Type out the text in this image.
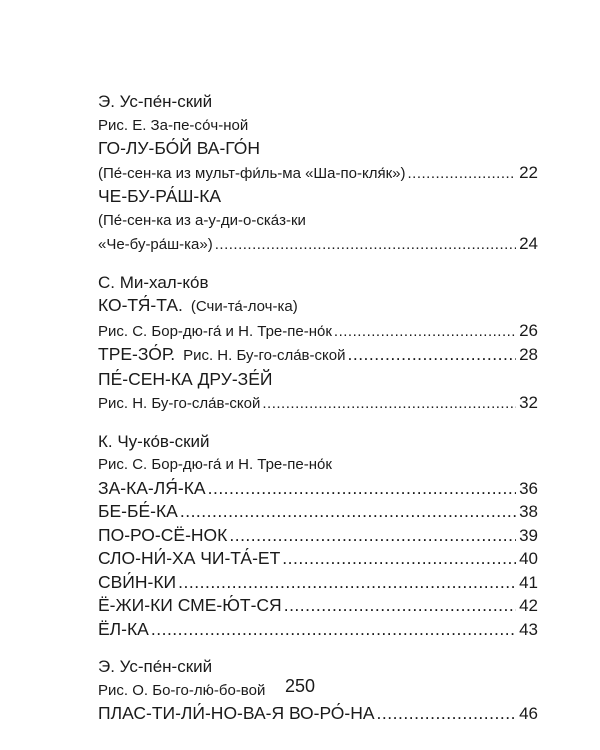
Э. Ус-пе́н-ский
Рис. Е. За-пе-со́ч-ной
ГО-ЛУ-БО́Й ВА-ГО́Н
(Пе́-сен-ка из мульт-фи́ль-ма «Ша-по-кля́к») .....	22
ЧЕ-БУ-РА́Ш-КА
(Пе́-сен-ка из а-у-ди-о-ска́з-ки
«Че-бу-ра́ш-ка») .....	24
С. Ми-хал-ко́в
КО-ТЯ́-ТА. (Счи-та́-лоч-ка)
Рис. С. Бор-дю-га́ и Н. Тре-пе-но́к .....	26
ТРЕ-ЗО́Р. Рис. Н. Бу-го-сла́в-ской .....	28
ПЕ́-СЕН-КА ДРУ-ЗЕ́Й
Рис. Н. Бу-го-сла́в-ской .....	32
К. Чу-ко́в-ский
Рис. С. Бор-дю-га́ и Н. Тре-пе-но́к
ЗА-КА-ЛЯ́-КА .....	36
БЕ-БЕ́-КА .....	38
ПО-РО-СЁ-НОК .....	39
СЛО-НИ́-ХА ЧИ-ТА́-ЕТ .....	40
СВИ́Н-КИ .....	41
Ё-ЖИ-КИ СМЕ-Ю́Т-СЯ .....	42
ЁЛ-КА .....	43
Э. Ус-пе́н-ский
Рис. О. Бо-го-лю́-бо-вой
ПЛАС-ТИ-ЛИ́-НО-ВА-Я ВО-РО́-НА .....	46
250
